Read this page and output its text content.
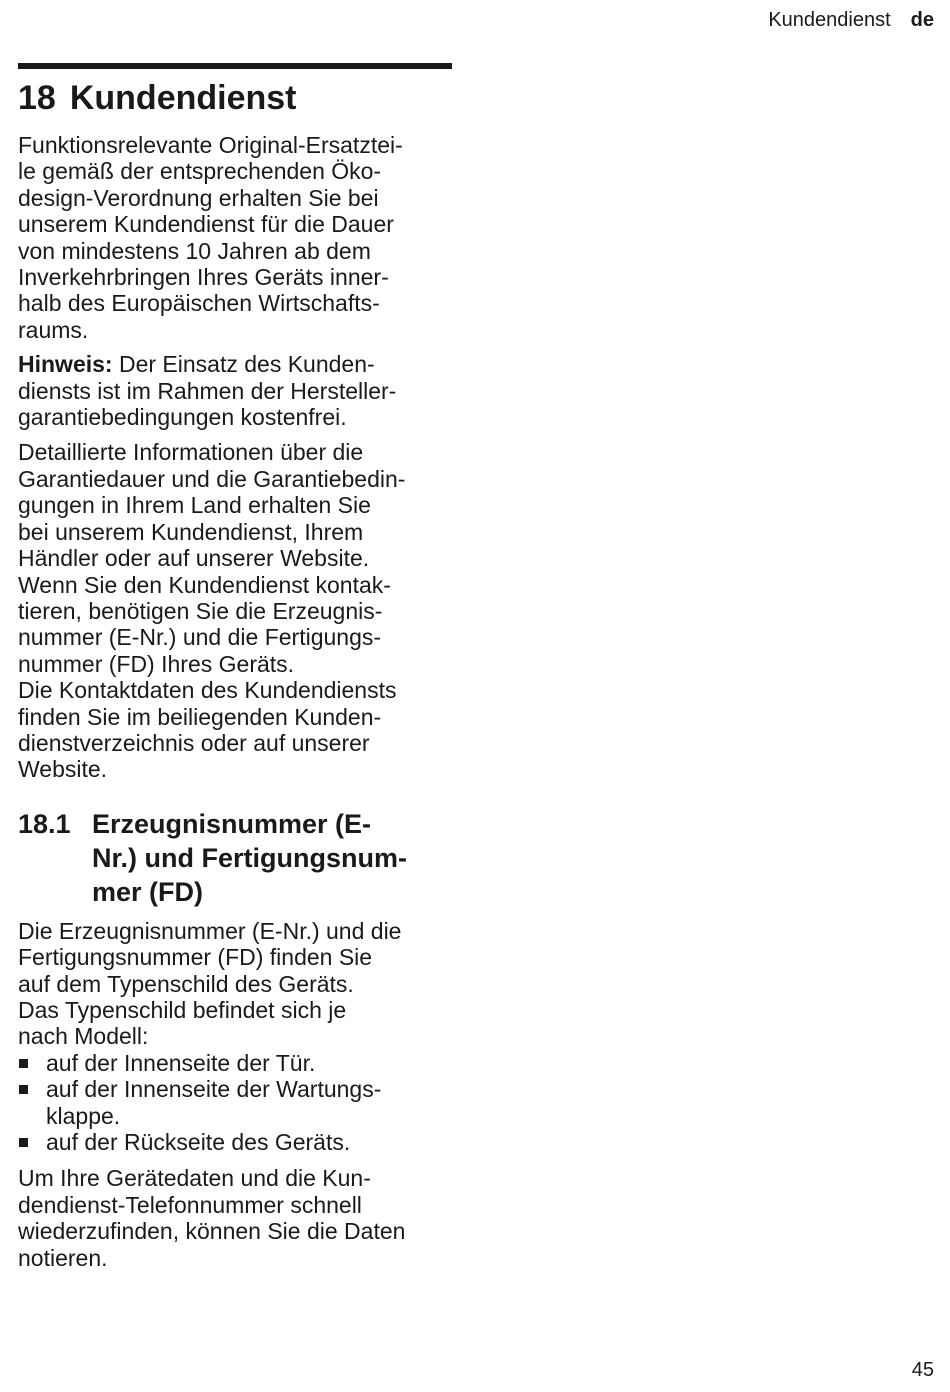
Kundendienst de
18 Kundendienst

Funktionsrelevante Original-Ersatztei-
le gemäß der entsprechenden Öko-
design-Verordnung erhalten Sie bei
unserem Kundendienst für die Dauer
von mindestens 10 Jahren ab dem
Inverkehrbringen Ihres Geräts inner-
halb des Europäischen Wirtschafts-
raums.

Hinweis: Der Einsatz des Kunden-
diensts ist im Rahmen der Hersteller-
garantiebedingungen kostenfrei.

Detaillierte Informationen über die
Garantiedauer und die Garantiebedin-
gungen in Ihrem Land erhalten Sie
bei unserem Kundendienst, Ihrem
Händler oder auf unserer Website.
Wenn Sie den Kundendienst kontak-
tieren, benötigen Sie die Erzeugnis-
nummer (E-Nr.) und die Fertigungs-
nummer (FD) Ihres Geräts.
Die Kontaktdaten des Kundendiensts
finden Sie im beiliegenden Kunden-
dienstverzeichnis oder auf unserer
Website.

18.1 Erzeugnisnummer (E-
Nr.) und Fertigungsnum-
mer (FD)

Die Erzeugnisnummer (E-Nr.) und die
Fertigungsnummer (FD) finden Sie
auf dem Typenschild des Geräts.
Das Typenschild befindet sich je
nach Modell:

auf der Innenseite der Tür.
auf der Innenseite der Wartungs-
klappe.
auf der Rückseite des Geräts.

Um Ihre Gerätedaten und die Kun-
dendienst-Telefonnummer schnell
wiederzufinden, können Sie die Daten
notieren.

45
